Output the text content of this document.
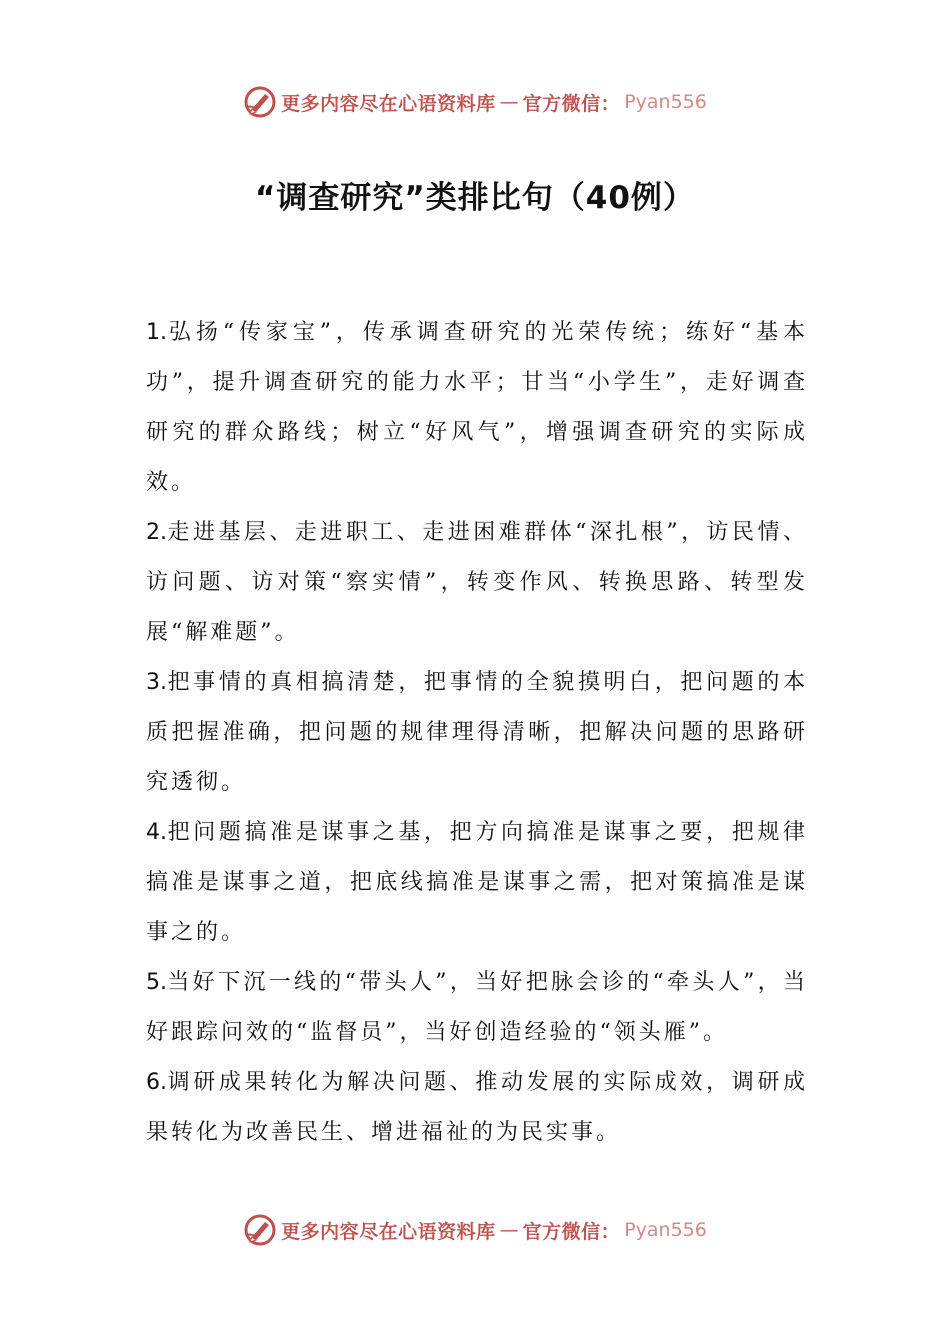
更多内容尽在心语资料库 — 官方微信： Pyan556
“调查研究”类排比句（40例）

1.弘扬“传家宝”，传承调查研究的光荣传统；练好“基本功”，提升调查研究的能力水平；甘当“小学生”，走好调查研究的群众路线；树立“好风气”，增强调查研究的实际成效。

2.走进基层、走进职工、走进困难群体“深扎根”，访民情、访问题、访对策“察实情”，转变作风、转换思路、转型发展“解难题”。

3.把事情的真相搞清楚，把事情的全貌摸明白，把问题的本质把握准确，把问题的规律理得清晰，把解决问题的思路研究透彻。

4.把问题搞准是谋事之基，把方向搞准是谋事之要，把规律搞准是谋事之道，把底线搞准是谋事之需，把对策搞准是谋事之的。

5.当好下沉一线的“带头人”，当好把脉会诊的“牵头人”，当好跟踪问效的“监督员”，当好创造经验的“领头雁”。

6.调研成果转化为解决问题、推动发展的实际成效，调研成果转化为改善民生、增进福祉的为民实事。

更多内容尽在心语资料库 — 官方微信： Pyan556
